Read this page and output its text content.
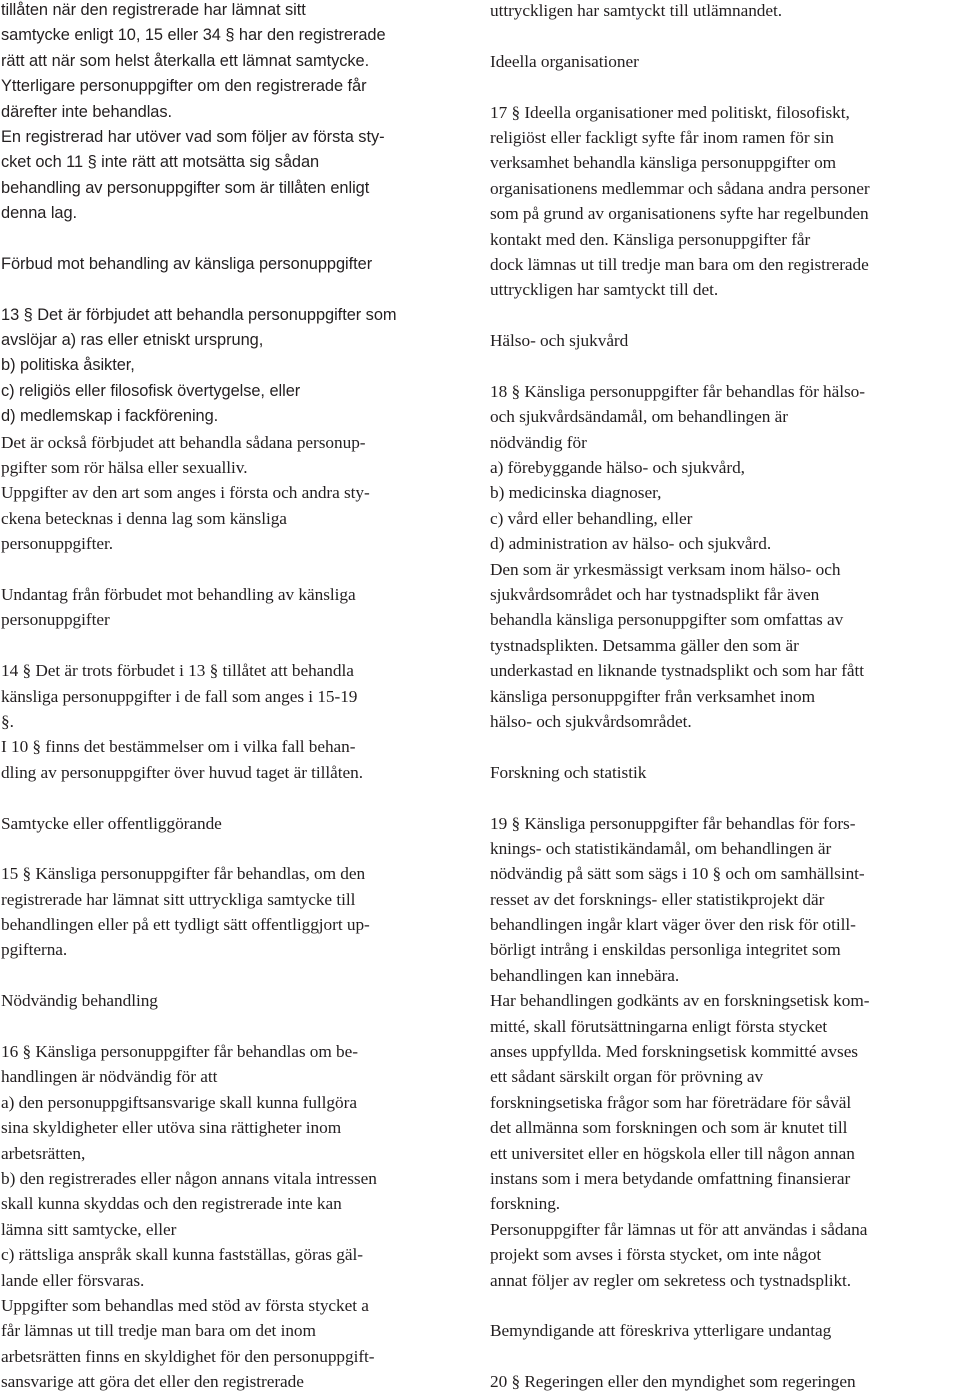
tillåten när den registrerade har lämnat sitt
samtycke enligt 10, 15 eller 34 § har den registrerade
rätt att när som helst återkalla ett lämnat samtycke.
Ytterligare personuppgifter om den registrerade får
därefter inte behandlas.
En registrerad har utöver vad som följer av första sty-
cket och 11 § inte rätt att motsätta sig sådan
behandling av personuppgifter som är tillåten enligt
denna lag.
Förbud mot behandling av känsliga personuppgifter
13 § Det är förbjudet att behandla personuppgifter som
avslöjar a) ras eller etniskt ursprung,
b) politiska åsikter,
c) religiös eller filosofisk övertygelse, eller
d) medlemskap i fackförening.
Det är också förbjudet att behandla sådana personup-
pgifter som rör hälsa eller sexualliv.
Uppgifter av den art som anges i första och andra sty-
ckena betecknas i denna lag som känsliga
personuppgifter.
Undantag från förbudet mot behandling av känsliga
personuppgifter
14 § Det är trots förbudet i 13 § tillåtet att behandla
känsliga personuppgifter i de fall som anges i 15-19
§.
I 10 § finns det bestämmelser om i vilka fall behan-
dling av personuppgifter över huvud taget är tillåten.
Samtycke eller offentliggörande
15 § Känsliga personuppgifter får behandlas, om den
registrerade har lämnat sitt uttryckliga samtycke till
behandlingen eller på ett tydligt sätt offentliggjort up-
pgifterna.
Nödvändig behandling
16 § Känsliga personuppgifter får behandlas om be-
handlingen är nödvändig för att
a) den personuppgiftsansvarige skall kunna fullgöra
sina skyldigheter eller utöva sina rättigheter inom
arbetsrätten,
b) den registrerades eller någon annans vitala intressen
skall kunna skyddas och den registrerade inte kan
lämna sitt samtycke, eller
c) rättsliga anspråk skall kunna fastställas, göras gäl-
lande eller försvaras.
Uppgifter som behandlas med stöd av första stycket a
får lämnas ut till tredje man bara om det inom
arbetsrätten finns en skyldighet för den personuppgift-
sansvarige att göra det eller den registrerade
uttryckligen har samtyckt till utlämnandet.
Ideella organisationer
17 § Ideella organisationer med politiskt, filosofiskt,
religiöst eller fackligt syfte får inom ramen för sin
verksamhet behandla känsliga personuppgifter om
organisationens medlemmar och sådana andra personer
som på grund av organisationens syfte har regelbunden
kontakt med den. Känsliga personuppgifter får
dock lämnas ut till tredje man bara om den registrerade
uttryckligen har samtyckt till det.
Hälso- och sjukvård
18 § Känsliga personuppgifter får behandlas för hälso-
och sjukvårdsändamål, om behandlingen är
nödvändig för
a) förebyggande hälso- och sjukvård,
b) medicinska diagnoser,
c) vård eller behandling, eller
d) administration av hälso- och sjukvård.
Den som är yrkesmässigt verksam inom hälso- och
sjukvårdsområdet och har tystnadsplikt får även
behandla känsliga personuppgifter som omfattas av
tystnadsplikten. Detsamma gäller den som är
underkastad en liknande tystnadsplikt och som har fått
känsliga personuppgifter från verksamhet inom
hälso- och sjukvårdsområdet.
Forskning och statistik
19 § Känsliga personuppgifter får behandlas för fors-
knings- och statistikändamål, om behandlingen är
nödvändig på sätt som sägs i 10 § och om samhällsint-
resset av det forsknings- eller statistikprojekt där
behandlingen ingår klart väger över den risk för otill-
börligt intrång i enskildas personliga integritet som
behandlingen kan innebära.
Har behandlingen godkänts av en forskningsetisk kom-
mitté, skall förutsättningarna enligt första stycket
anses uppfyllda. Med forskningsetisk kommitté avses
ett sådant särskilt organ för prövning av
forskningsetiska frågor som har företrädare för såväl
det allmänna som forskningen och som är knutet till
ett universitet eller en högskola eller till någon annan
instans som i mera betydande omfattning finansierar
forskning.
Personuppgifter får lämnas ut för att användas i sådana
projekt som avses i första stycket, om inte något
annat följer av regler om sekretess och tystnadsplikt.
Bemyndigande att föreskriva ytterligare undantag
20 § Regeringen eller den myndighet som regeringen
